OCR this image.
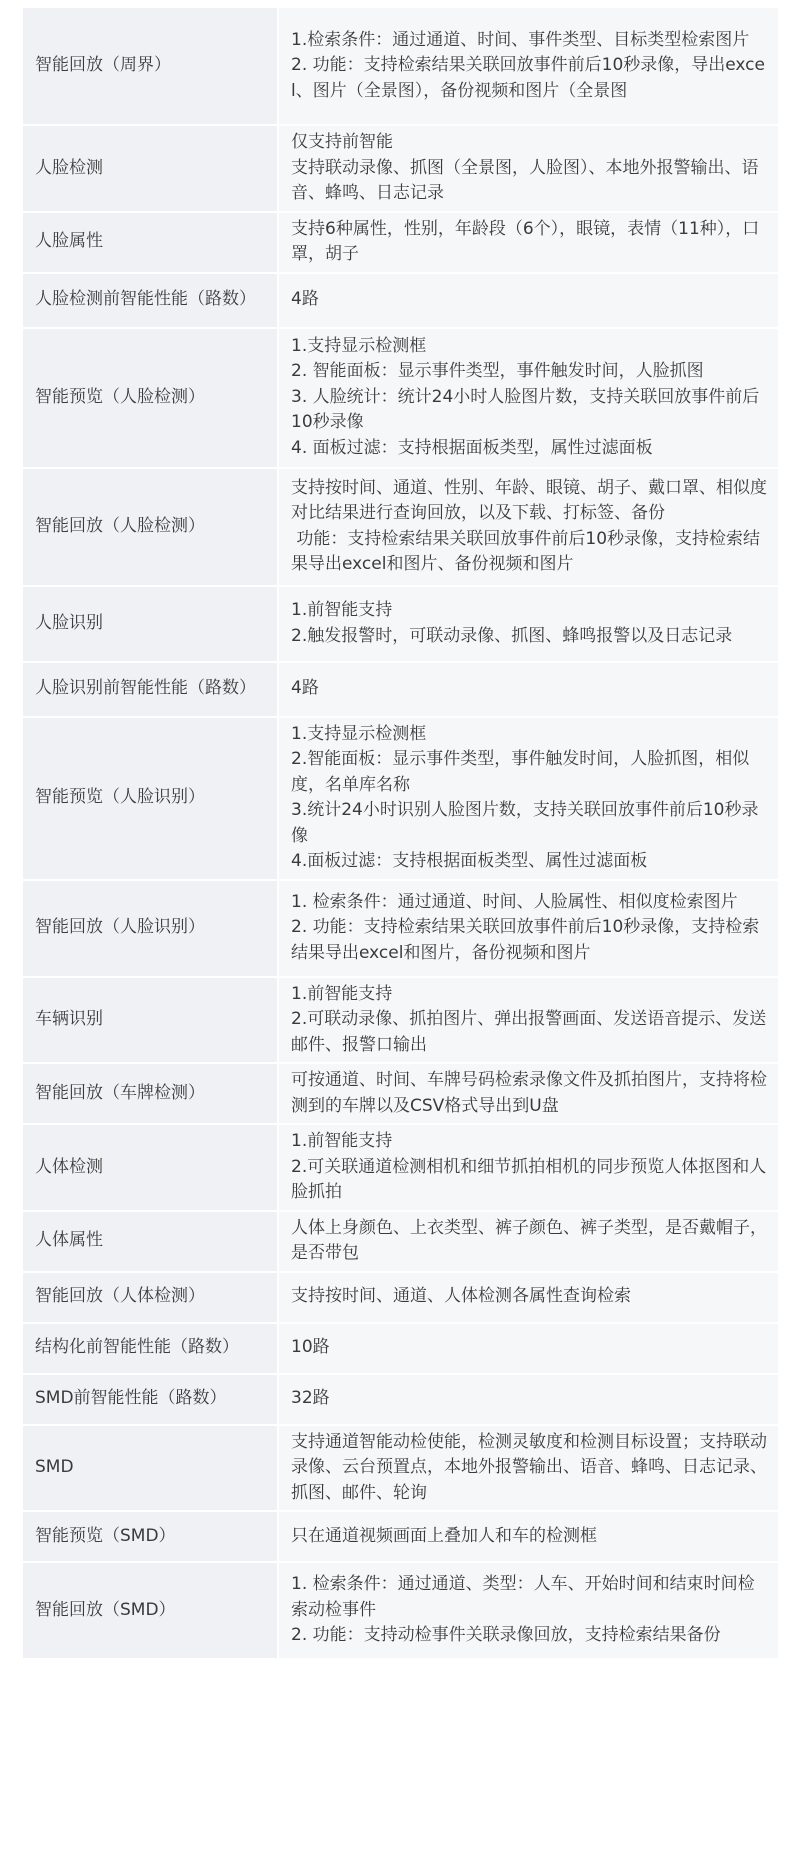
智能回放（周界）	1.检索条件：通过通道、时间、事件类型、目标类型检索图片
2. 功能：支持检索结果关联回放事件前后10秒录像，导出excel、图片（全景图），备份视频和图片（全景图

人脸检测	仅支持前智能
支持联动录像、抓图（全景图，人脸图）、本地外报警输出、语音、蜂鸣、日志记录

人脸属性	支持6种属性，性别，年龄段（6个），眼镜，表情（11种），口罩，胡子

人脸检测前智能性能（路数）	4路

智能预览（人脸检测）	1.支持显示检测框
2. 智能面板：显示事件类型，事件触发时间，人脸抓图
3. 人脸统计：统计24小时人脸图片数，支持关联回放事件前后10秒录像
4. 面板过滤：支持根据面板类型，属性过滤面板

智能回放（人脸检测）	支持按时间、通道、性别、年龄、眼镜、胡子、戴口罩、相似度对比结果进行查询回放，以及下载、打标签、备份
功能：支持检索结果关联回放事件前后10秒录像，支持检索结果导出excel和图片、备份视频和图片

人脸识别	1.前智能支持
2.触发报警时，可联动录像、抓图、蜂鸣报警以及日志记录

人脸识别前智能性能（路数）	4路

智能预览（人脸识别）	1.支持显示检测框
2.智能面板：显示事件类型，事件触发时间，人脸抓图，相似度，名单库名称
3.统计24小时识别人脸图片数，支持关联回放事件前后10秒录像
4.面板过滤：支持根据面板类型、属性过滤面板

智能回放（人脸识别）	1. 检索条件：通过通道、时间、人脸属性、相似度检索图片
2. 功能：支持检索结果关联回放事件前后10秒录像，支持检索结果导出excel和图片，备份视频和图片

车辆识别	1.前智能支持
2.可联动录像、抓拍图片、弹出报警画面、发送语音提示、发送邮件、报警口输出

智能回放（车牌检测）	可按通道、时间、车牌号码检索录像文件及抓拍图片，支持将检测到的车牌以及CSV格式导出到U盘

人体检测	1.前智能支持
2.可关联通道检测相机和细节抓拍相机的同步预览人体抠图和人脸抓拍

人体属性	人体上身颜色、上衣类型、裤子颜色、裤子类型，是否戴帽子，是否带包

智能回放（人体检测）	支持按时间、通道、人体检测各属性查询检索

结构化前智能性能（路数）	10路

SMD前智能性能（路数）	32路

SMD	支持通道智能动检使能，检测灵敏度和检测目标设置；支持联动录像、云台预置点，本地外报警输出、语音、蜂鸣、日志记录、抓图、邮件、轮询

智能预览（SMD）	只在通道视频画面上叠加人和车的检测框

智能回放（SMD）	1. 检索条件：通过通道、类型：人车、开始时间和结束时间检索动检事件
2. 功能：支持动检事件关联录像回放，支持检索结果备份
